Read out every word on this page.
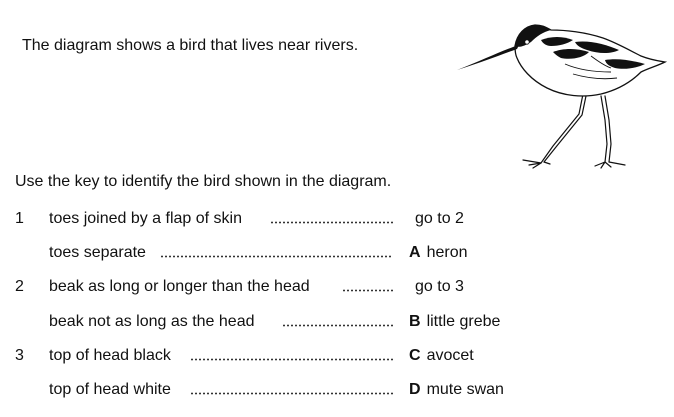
The diagram shows a bird that lives near rivers.

Use the key to identify the bird shown in the diagram.

1 toes joined by a flap of skin	go to 2
toes separate	A heron
2 beak as long or longer than the head	go to 3
beak not as long as the head	B little grebe
3 top of head black	C avocet
top of head white	D mute swan
